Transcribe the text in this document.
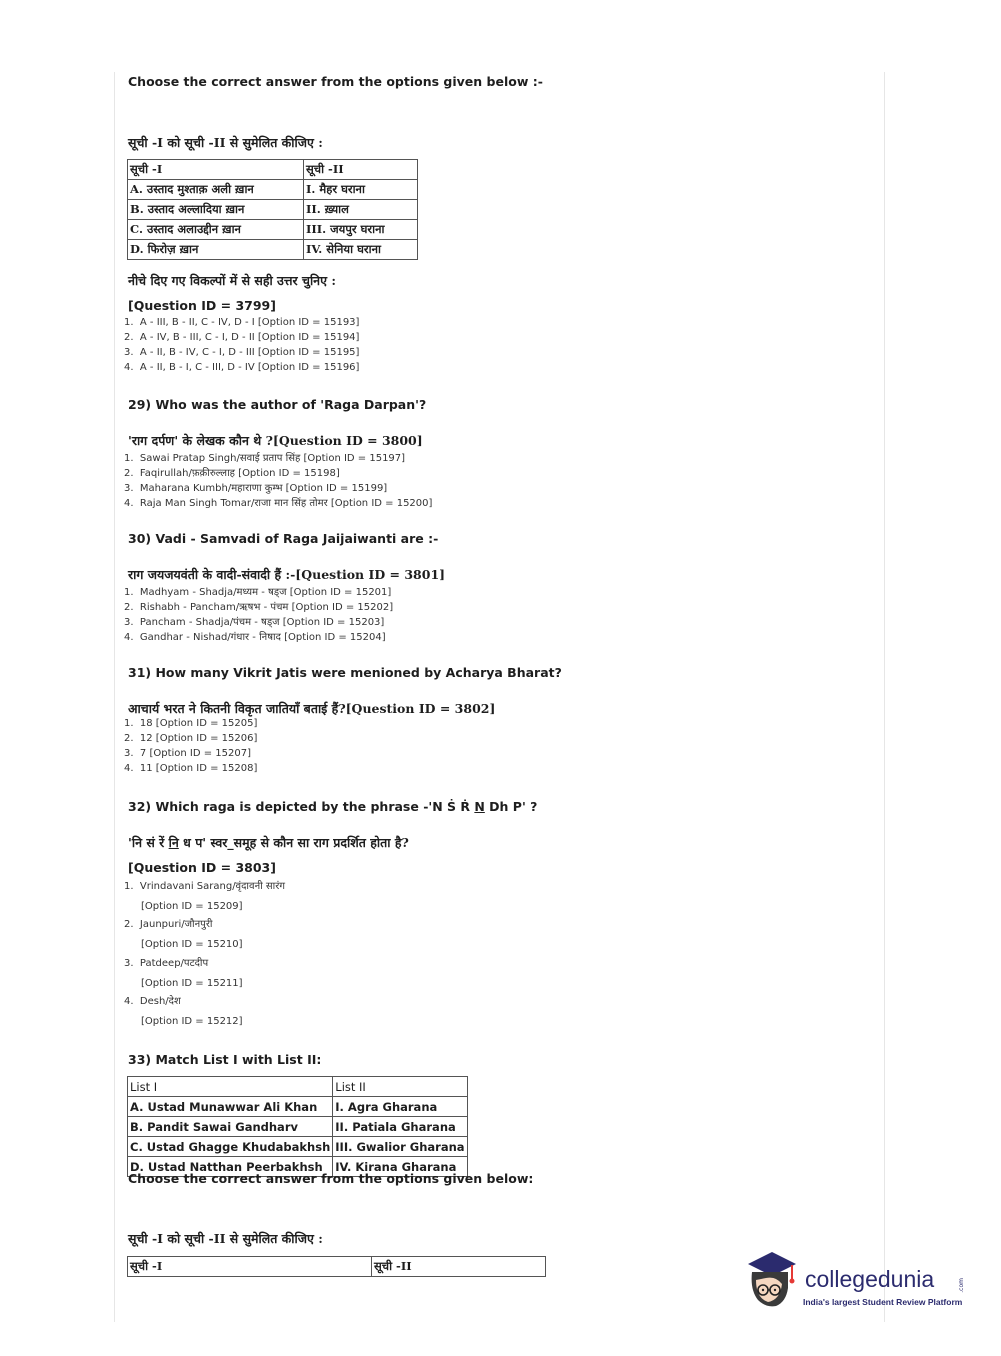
Choose the correct answer from the options given below :-
सूची -I को सूची -II से सुमेलित कीजिए :
सूची -I	सूची -II
A. उस्ताद मुश्ताक़ अली ख़ान	I. मैहर घराना
B. उस्ताद अल्लादिया ख़ान	II. ख़्याल
C. उस्ताद अलाउद्दीन ख़ान	III. जयपुर घराना
D. फिरोज़ ख़ान	IV. सेनिया घराना
नीचे दिए गए विकल्पों में से सही उत्तर चुनिए :
[Question ID = 3799]
1.  A - III, B - II, C - IV, D - I [Option ID = 15193]
2.  A - IV, B - III, C - I, D - II [Option ID = 15194]
3.  A - II, B - IV, C - I, D - III [Option ID = 15195]
4.  A - II, B - I, C - III, D - IV [Option ID = 15196]
29) Who was the author of 'Raga Darpan'?
'राग दर्पण' के लेखक कौन थे ?[Question ID = 3800]
1.  Sawai Pratap Singh/सवाई प्रताप सिंह [Option ID = 15197]
2.  Faqirullah/फ़क़ीरुल्लाह [Option ID = 15198]
3.  Maharana Kumbh/महाराणा कुम्भ [Option ID = 15199]
4.  Raja Man Singh Tomar/राजा मान सिंह तोमर [Option ID = 15200]
30) Vadi - Samvadi of Raga Jaijaiwanti are :-
राग जयजयवंती के वादी-संवादी हैं :-[Question ID = 3801]
1.  Madhyam - Shadja/मध्यम - षड्ज [Option ID = 15201]
2.  Rishabh - Pancham/ऋषभ - पंचम [Option ID = 15202]
3.  Pancham - Shadja/पंचम - षड्ज [Option ID = 15203]
4.  Gandhar - Nishad/गंधार - निषाद [Option ID = 15204]
31) How many Vikrit Jatis were menioned by Acharya Bharat?
आचार्य भरत ने कितनी विकृत जातियाँ बताई हैं?[Question ID = 3802]
1.  18 [Option ID = 15205]
2.  12 [Option ID = 15206]
3.  7 [Option ID = 15207]
4.  11 [Option ID = 15208]
32) Which raga is depicted by the phrase -'N Ṡ Ṙ N Dh P' ?
'नि सं रें नि ध प' स्वर_समूह से कौन सा राग प्रदर्शित होता है?
[Question ID = 3803]
1.  Vrindavani Sarang/वृंदावनी सारंग
[Option ID = 15209]
2.  Jaunpuri/जौनपुरी
[Option ID = 15210]
3.  Patdeep/पटदीप
[Option ID = 15211]
4.  Desh/देश
[Option ID = 15212]
33) Match List I with List II:
List I	List II
A. Ustad Munawwar Ali Khan	I. Agra Gharana
B. Pandit Sawai Gandharv	II. Patiala Gharana
C. Ustad Ghagge Khudabakhsh	III. Gwalior Gharana
D. Ustad Natthan Peerbakhsh	IV. Kirana Gharana
Choose the correct answer from the options given below:
सूची -I को सूची -II से सुमेलित कीजिए :
सूची -I	सूची -II	collegedunia	.com
India's largest Student Review Platform
